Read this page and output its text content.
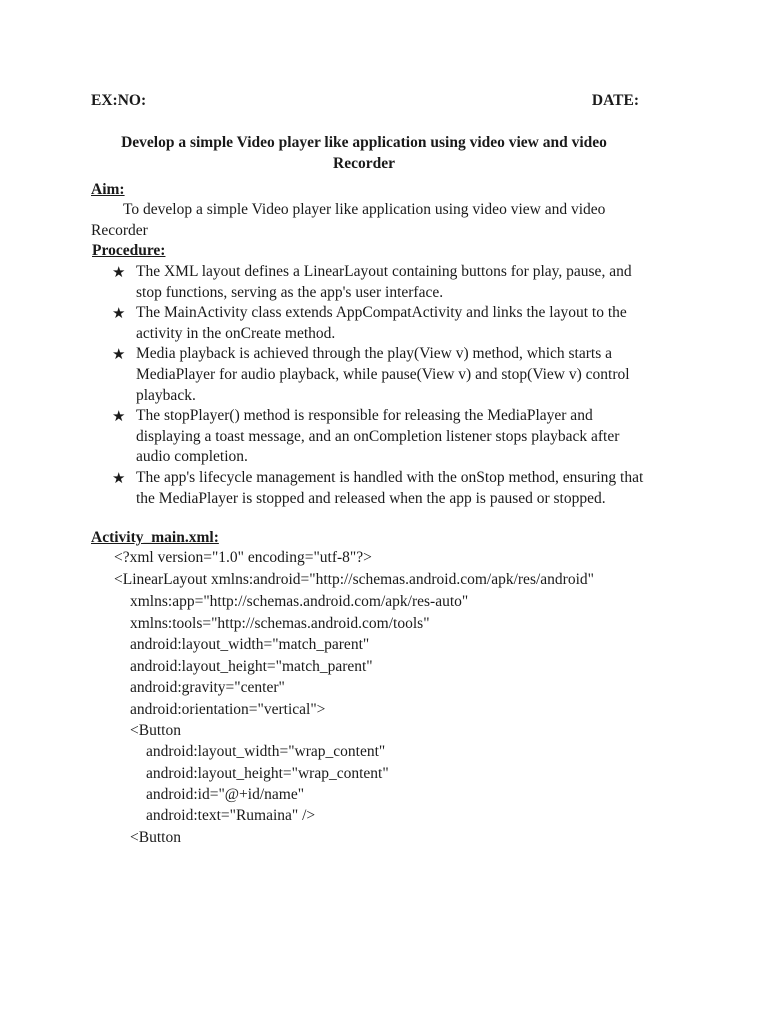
EX:NO:	DATE:
Develop a simple Video player like application using video view and video Recorder
Aim:
To develop a simple Video player like application using video view and video Recorder
Procedure:
★ The XML layout defines a LinearLayout containing buttons for play, pause, and stop functions, serving as the app's user interface.
★ The MainActivity class extends AppCompatActivity and links the layout to the activity in the onCreate method.
★ Media playback is achieved through the play(View v) method, which starts a MediaPlayer for audio playback, while pause(View v) and stop(View v) control playback.
★ The stopPlayer() method is responsible for releasing the MediaPlayer and displaying a toast message, and an onCompletion listener stops playback after audio completion.
★ The app's lifecycle management is handled with the onStop method, ensuring that the MediaPlayer is stopped and released when the app is paused or stopped.
Activity_main.xml:
<?xml version="1.0" encoding="utf-8"?>
<LinearLayout xmlns:android="http://schemas.android.com/apk/res/android"
xmlns:app="http://schemas.android.com/apk/res-auto"
xmlns:tools="http://schemas.android.com/tools"
android:layout_width="match_parent"
android:layout_height="match_parent"
android:gravity="center"
android:orientation="vertical">
<Button
android:layout_width="wrap_content"
android:layout_height="wrap_content"
android:id="@+id/name"
android:text="Rumaina" />
<Button
